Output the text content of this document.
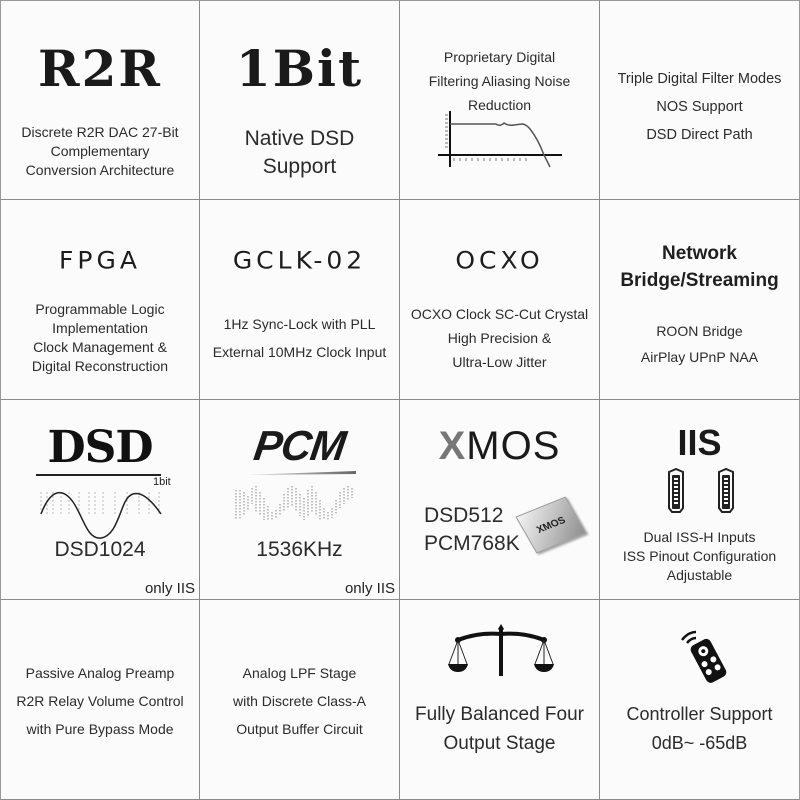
R2R
Discrete R2R DAC 27-Bit
Complementary
Conversion Architecture
1Bit
Native DSD
Support
Proprietary Digital
Filtering Aliasing Noise
Reduction
Triple Digital Filter Modes
NOS Support
DSD Direct Path
FPGA
Programmable Logic
Implementation
Clock Management &
Digital Reconstruction
GCLK-02
1Hz Sync-Lock with PLL
External 10MHz Clock Input
OCXO
OCXO Clock SC-Cut Crystal
High Precision &
Ultra-Low Jitter
Network
Bridge/Streaming
ROON Bridge
AirPlay UPnP NAA
DSD
1bit
DSD1024
only IIS
PCM
1536KHz
only IIS
XMOS
DSD512
PCM768K
XMOS
IIS
Dual ISS-H Inputs
ISS Pinout Configuration
Adjustable
Passive Analog Preamp
R2R Relay Volume Control
with Pure Bypass Mode
Analog LPF Stage
with Discrete Class-A
Output Buffer Circuit
Fully Balanced Four
Output Stage
Controller Support
0dB~ -65dB
